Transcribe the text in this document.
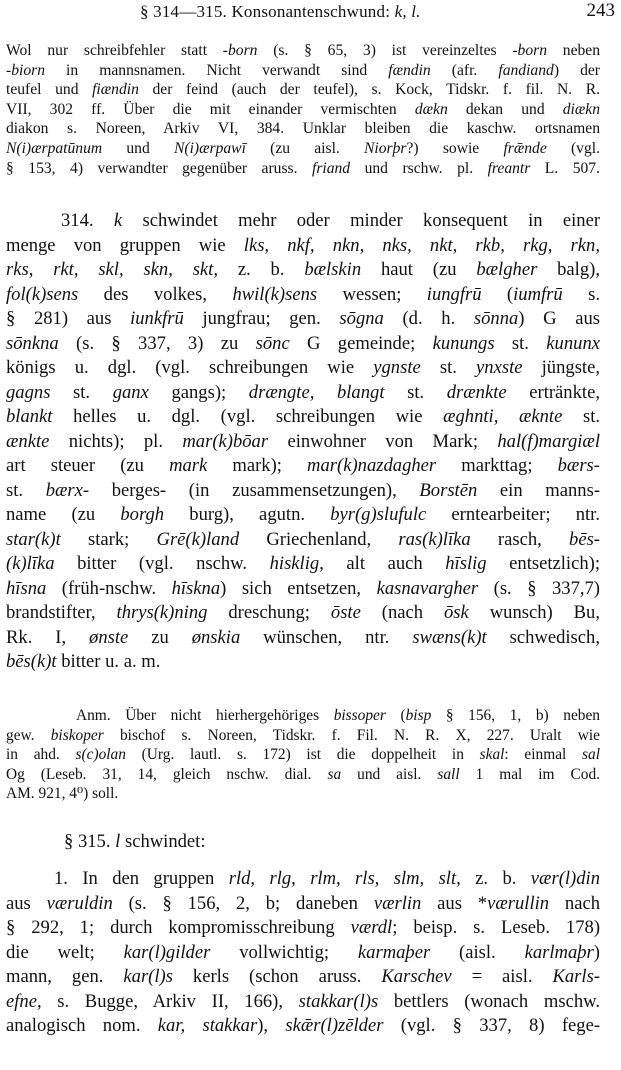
§ 314—315. Konsonantenschwund: k, l.	243
Wol nur schreibfehler statt -born (s. § 65, 3) ist vereinzeltes -born neben
-biorn in mannsnamen. Nicht verwandt sind fændin (afr. fandiand) der
teufel und fiændin der feind (auch der teufel), s. Kock, Tidskr. f. fil. N. R.
VII, 302 ff. Über die mit einander vermischten dækn dekan und diækn
diakon s. Noreen, Arkiv VI, 384. Unklar bleiben die kaschw. ortsnamen
N(i)ærpatūnum und N(i)ærpawī (zu aisl. Niorþr?) sowie frǣnde (vgl.
§ 153, 4) verwandter gegenüber aruss. friand und rschw. pl. freantr L. 507.
314. k schwindet mehr oder minder konsequent in einer
menge von gruppen wie lks, nkf, nkn, nks, nkt, rkb, rkg, rkn,
rks, rkt, skl, skn, skt, z. b. bælskin haut (zu bælgher balg),
fol(k)sens des volkes, hwil(k)sens wessen; iungfrū (iumfrū s.
§ 281) aus iunkfrū jungfrau; gen. sōgna (d. h. sōnna) G aus
sōnkna (s. § 337, 3) zu sōnc G gemeinde; kunungs st. kununx
königs u. dgl. (vgl. schreibungen wie ygnste st. ynxste jüngste,
gagns st. ganx gangs); drængte, blangt st. drænkte ertränkte,
blankt helles u. dgl. (vgl. schreibungen wie æghnti, æknte st.
ænkte nichts); pl. mar(k)bōar einwohner von Mark; hal(f)margiæl
art steuer (zu mark mark); mar(k)nazdagher markttag; bærs-
st. bærx- berges- (in zusammensetzungen), Borstēn ein manns-
name (zu borgh burg), agutn. byr(g)slufulc erntearbeiter; ntr.
star(k)t stark; Grē(k)land Griechenland, ras(k)līka rasch, bēs-
(k)līka bitter (vgl. nschw. hisklig, alt auch hīslig entsetzlich);
hīsna (früh-nschw. hīskna) sich entsetzen, kasnavargher (s. § 337,7)
brandstifter, thrys(k)ning dreschung; ōste (nach ōsk wunsch) Bu,
Rk. I, ønste zu ønskia wünschen, ntr. swæns(k)t schwedisch,
bēs(k)t bitter u. a. m.
Anm. Über nicht hierhergehöriges bissoper (bisp § 156, 1, b) neben
gew. biskoper bischof s. Noreen, Tidskr. f. Fil. N. R. X, 227. Uralt wie
in ahd. s(c)olan (Urg. lautl. s. 172) ist die doppelheit in skal: einmal sal
Og (Leseb. 31, 14, gleich nschw. dial. sa und aisl. sall 1 mal im Cod.
AM. 921, 4⁰) soll.
§ 315. l schwindet:
1. In den gruppen rld, rlg, rlm, rls, slm, slt, z. b. vær(l)din
aus væruldin (s. § 156, 2, b; daneben værlin aus *værullin nach
§ 292, 1; durch kompromisschreibung værdl; beisp. s. Leseb. 178)
die welt; kar(l)gilder vollwichtig; karmaþer (aisl. karlmaþr)
mann, gen. kar(l)s kerls (schon aruss. Karschev = aisl. Karls-
efne, s. Bugge, Arkiv II, 166), stakkar(l)s bettlers (wonach mschw.
analogisch nom. kar, stakkar), skǣr(l)zēlder (vgl. § 337, 8) fege-
